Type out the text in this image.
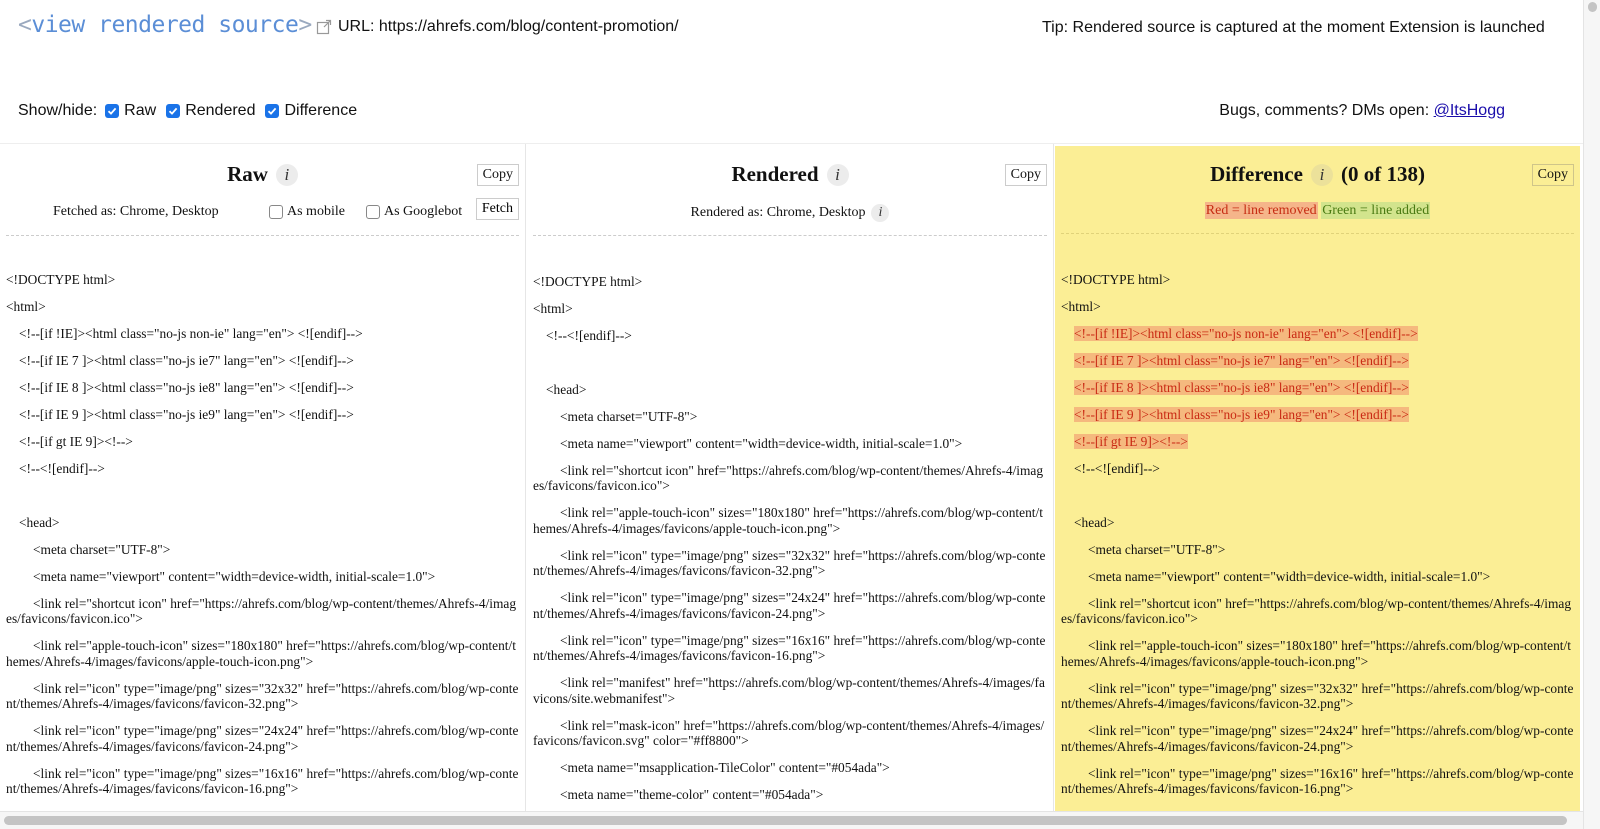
<view rendered source> URL: https://ahrefs.com/blog/content-promotion/	Tip: Rendered source is captured at the moment Extension is launched
Show/hide: Raw Rendered Difference	Bugs, comments? DMs open: @ItsHogg
Raw i	Copy
Fetched as: Chrome, Desktop	As mobile	As Googlebot	Fetch
<!DOCTYPE html>
<html>
<!--[if !IE]><html class="no-js non-ie" lang="en"> <![endif]-->
<!--[if IE 7 ]><html class="no-js ie7" lang="en"> <![endif]-->
<!--[if IE 8 ]><html class="no-js ie8" lang="en"> <![endif]-->
<!--[if IE 9 ]><html class="no-js ie9" lang="en"> <![endif]-->
<!--[if gt IE 9]><!-->
<!--<![endif]-->
<head>
<meta charset="UTF-8">
<meta name="viewport" content="width=device-width, initial-scale=1.0">
<link rel="shortcut icon" href="https://ahrefs.com/blog/wp-content/themes/Ahrefs-4/images/favicons/favicon.ico">
<link rel="apple-touch-icon" sizes="180x180" href="https://ahrefs.com/blog/wp-content/themes/Ahrefs-4/images/favicons/apple-touch-icon.png">
<link rel="icon" type="image/png" sizes="32x32" href="https://ahrefs.com/blog/wp-content/themes/Ahrefs-4/images/favicons/favicon-32.png">
<link rel="icon" type="image/png" sizes="24x24" href="https://ahrefs.com/blog/wp-content/themes/Ahrefs-4/images/favicons/favicon-24.png">
<link rel="icon" type="image/png" sizes="16x16" href="https://ahrefs.com/blog/wp-content/themes/Ahrefs-4/images/favicons/favicon-16.png">
Rendered i	Copy
Rendered as: Chrome, Desktop i
<!DOCTYPE html>
<html>
<!--<![endif]-->
<head>
<meta charset="UTF-8">
<meta name="viewport" content="width=device-width, initial-scale=1.0">
<link rel="shortcut icon" href="https://ahrefs.com/blog/wp-content/themes/Ahrefs-4/images/favicons/favicon.ico">
<link rel="apple-touch-icon" sizes="180x180" href="https://ahrefs.com/blog/wp-content/themes/Ahrefs-4/images/favicons/apple-touch-icon.png">
<link rel="icon" type="image/png" sizes="32x32" href="https://ahrefs.com/blog/wp-content/themes/Ahrefs-4/images/favicons/favicon-32.png">
<link rel="icon" type="image/png" sizes="24x24" href="https://ahrefs.com/blog/wp-content/themes/Ahrefs-4/images/favicons/favicon-24.png">
<link rel="icon" type="image/png" sizes="16x16" href="https://ahrefs.com/blog/wp-content/themes/Ahrefs-4/images/favicons/favicon-16.png">
<link rel="manifest" href="https://ahrefs.com/blog/wp-content/themes/Ahrefs-4/images/favicons/site.webmanifest">
<link rel="mask-icon" href="https://ahrefs.com/blog/wp-content/themes/Ahrefs-4/images/favicons/favicon.svg" color="#ff8800">
<meta name="msapplication-TileColor" content="#054ada">
<meta name="theme-color" content="#054ada">
Difference i (0 of 138)	Copy
Red = line removed Green = line added
<!DOCTYPE html>
<html>
<!--[if !IE]><html class="no-js non-ie" lang="en"> <![endif]-->
<!--[if IE 7 ]><html class="no-js ie7" lang="en"> <![endif]-->
<!--[if IE 8 ]><html class="no-js ie8" lang="en"> <![endif]-->
<!--[if IE 9 ]><html class="no-js ie9" lang="en"> <![endif]-->
<!--[if gt IE 9]><!-->
<!--<![endif]-->
<head>
<meta charset="UTF-8">
<meta name="viewport" content="width=device-width, initial-scale=1.0">
<link rel="shortcut icon" href="https://ahrefs.com/blog/wp-content/themes/Ahrefs-4/images/favicons/favicon.ico">
<link rel="apple-touch-icon" sizes="180x180" href="https://ahrefs.com/blog/wp-content/themes/Ahrefs-4/images/favicons/apple-touch-icon.png">
<link rel="icon" type="image/png" sizes="32x32" href="https://ahrefs.com/blog/wp-content/themes/Ahrefs-4/images/favicons/favicon-32.png">
<link rel="icon" type="image/png" sizes="24x24" href="https://ahrefs.com/blog/wp-content/themes/Ahrefs-4/images/favicons/favicon-24.png">
<link rel="icon" type="image/png" sizes="16x16" href="https://ahrefs.com/blog/wp-content/themes/Ahrefs-4/images/favicons/favicon-16.png">
